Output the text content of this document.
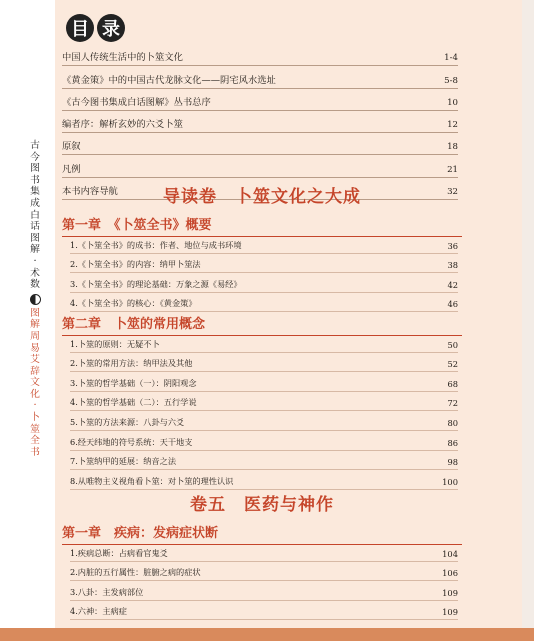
目 录
中国人传统生活中的卜筮文化	1-4
《黄金策》中的中国古代龙脉文化——阴宅风水选址	5-8
《古今图书集成白话图解》丛书总序	10
编者序：解析玄妙的六爻卜筮	12
原叙	18
凡例	21
本书内容导航	32
古
今
图
书
集
成
白
话
图
解
·
术
数
图
解
周
易
艾
辞
文
化
·
卜
筮
全
书
导读卷　卜筮文化之大成
第一章　《卜筮全书》概要
1.《卜筮全书》的成书：作者、地位与成书环境	36
2.《卜筮全书》的内容：纳甲卜筮法	38
3.《卜筮全书》的理论基础：万象之源《易经》	42
4.《卜筮全书》的核心：《黄金策》	46
第二章　卜筮的常用概念
1.卜筮的原则：无疑不卜	50
2.卜筮的常用方法：纳甲法及其他	52
3.卜筮的哲学基础（一）：阴阳观念	68
4.卜筮的哲学基础（二）：五行学说	72
5.卜筮的方法来源：八卦与六爻	80
6.经天纬地的符号系统：天干地支	86
7.卜筮纳甲的延展：纳音之法	98
8.从唯物主义视角看卜筮：对卜筮的理性认识	100
卷五　医药与神作
第一章　疾病：发病症状断
1.疾病总断：占病看官鬼爻	104
2.内脏的五行属性：脏腑之病的症状	106
3.八卦：主发病部位	109
4.六神：主病症	109
